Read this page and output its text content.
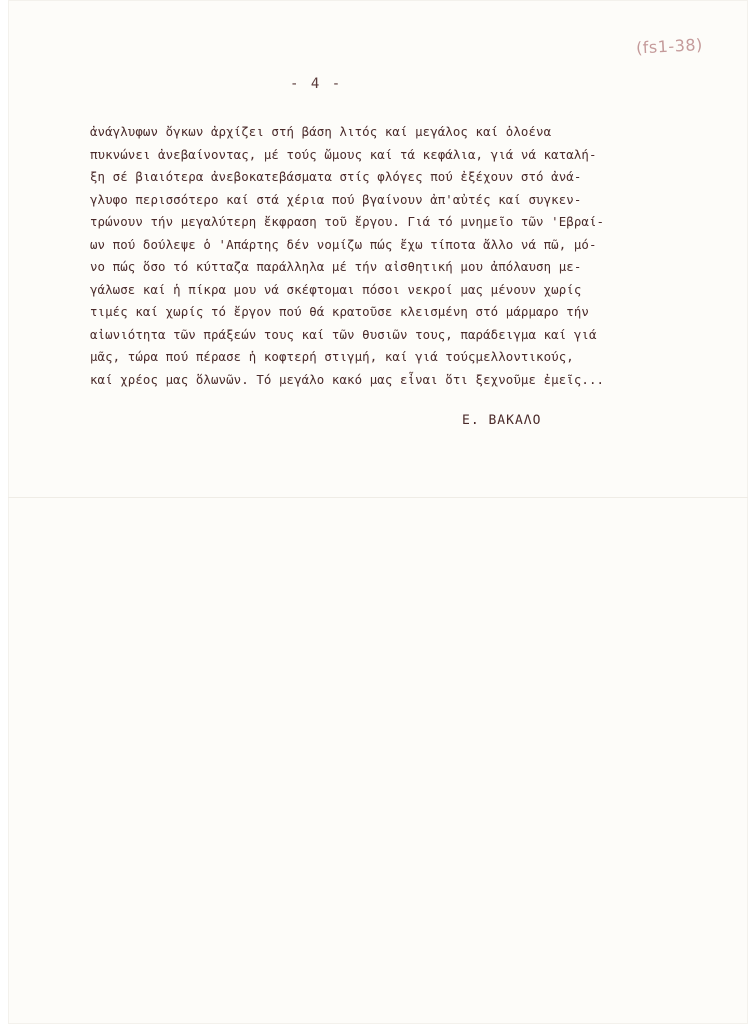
(fs1-38)
- 4 -
ἀνάγλυφων ὄγκων ἀρχίζει στή βάση λιτός καί μεγάλος καί ὁλοένα
πυκνώνει ἀνεβαίνοντας, μέ τούς ὤμους καί τά κεφάλια, γιά νά καταλή-
ξη σέ βιαιότερα ἀνεβοκατεβάσματα στίς φλόγες πού ἐξέχουν στό ἀνά-
γλυφο περισσότερο καί στά χέρια πού βγαίνουν ἀπ'αὐτές καί συγκεν-
τρώνουν τήν μεγαλύτερη ἔκφραση τοῦ ἔργου. Γιά τό μνημεῖο τῶν 'Εβραί-
ων πού δούλεψε ὁ 'Απάρτης δέν νομίζω πώς ἔχω τίποτα ἄλλο νά πῶ, μό-
νο πώς ὅσο τό κύτταζα παράλληλα μέ τήν αἰσθητική μου ἀπόλαυση με-
γάλωσε καί ἡ πίκρα μου νά σκέφτομαι πόσοι νεκροί μας μένουν χωρίς
τιμές καί χωρίς τό ἔργον πού θά κρατοῦσε κλεισμένη στό μάρμαρο τήν
αἰωνιότητα τῶν πράξεών τους καί τῶν θυσιῶν τους, παράδειγμα καί γιά
μᾶς, τώρα πού πέρασε ἡ κοφτερή στιγμή, καί γιά τούςμελλοντικούς,
καί χρέος μας ὅλωνῶν. Τό μεγάλο κακό μας εἶναι ὅτι ξεχνοῦμε ἐμεῖς...
Ε. ΒΑΚΑΛΟ
